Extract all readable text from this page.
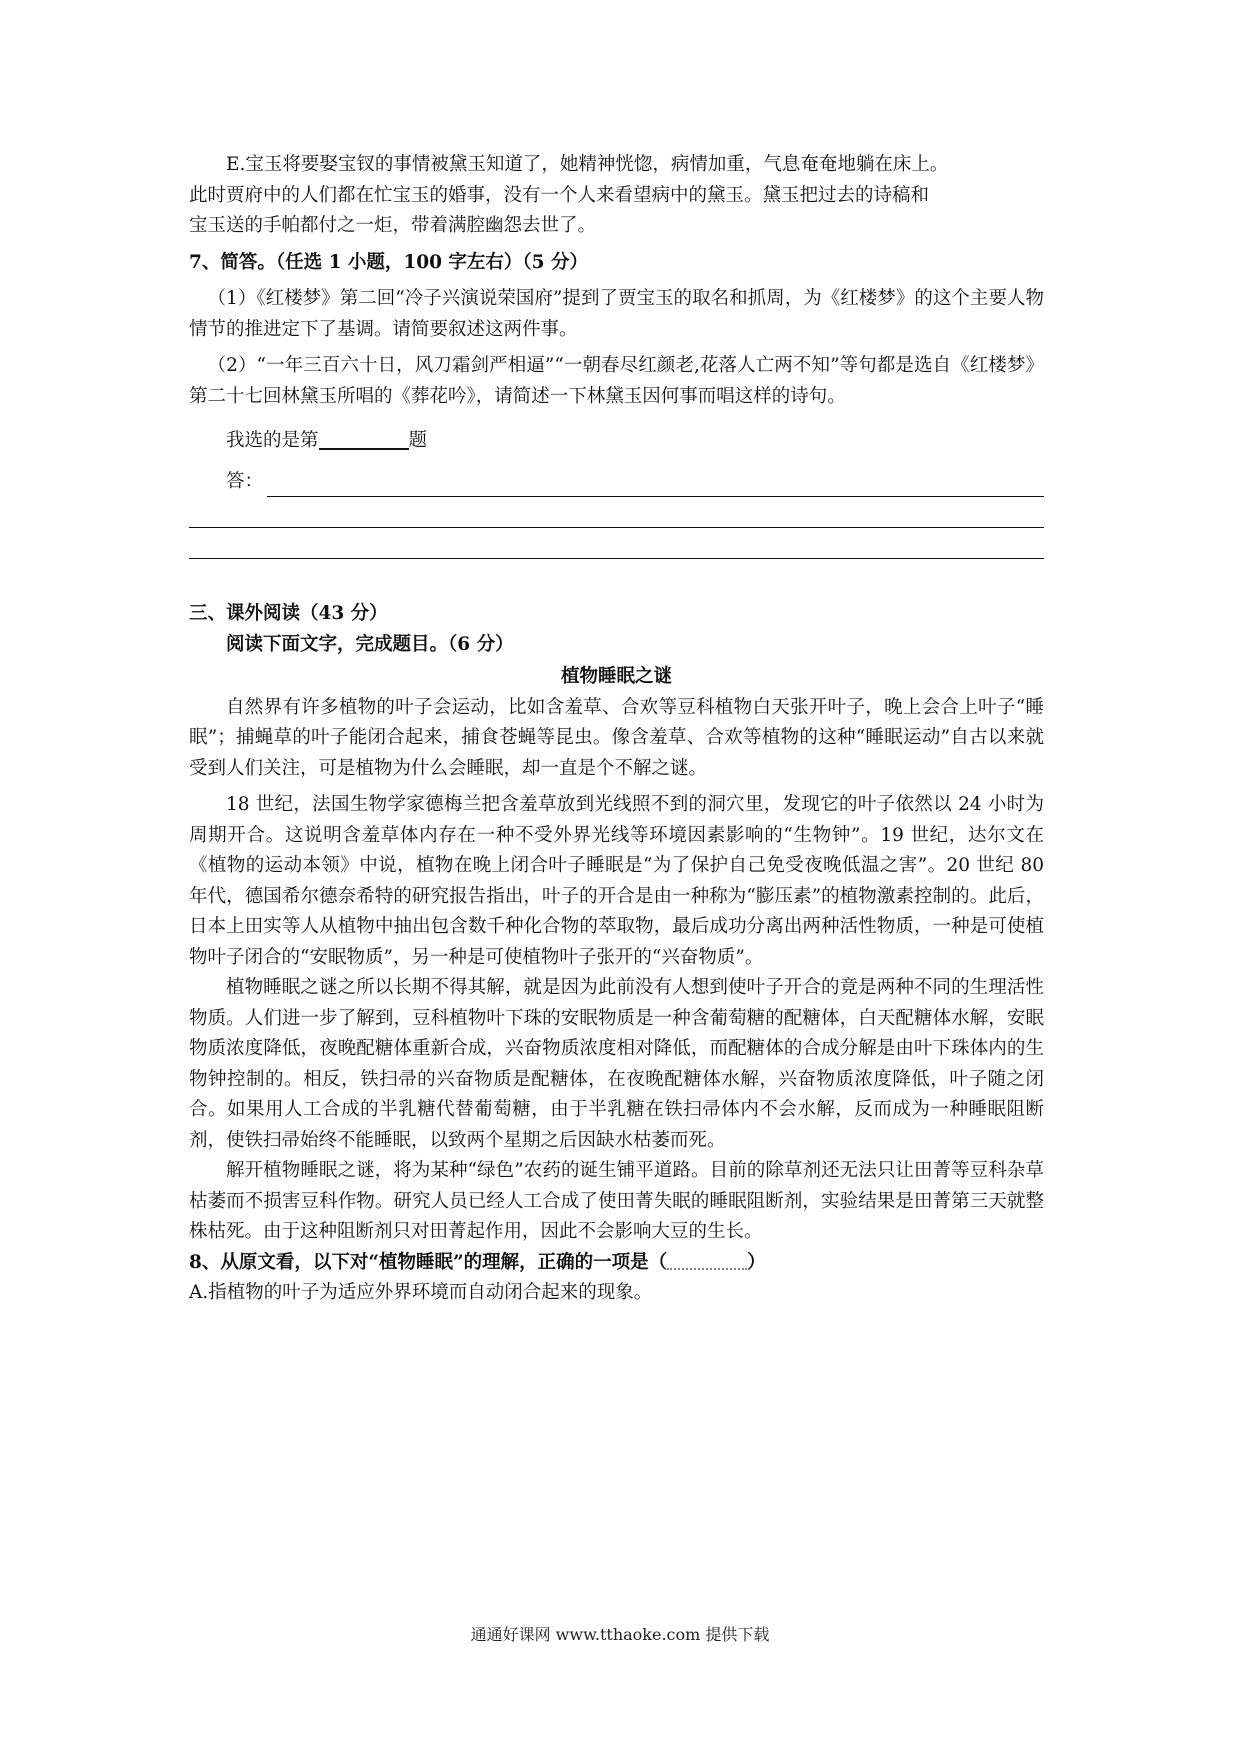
E.宝玉将要娶宝钗的事情被黛玉知道了，她精神恍惚，病情加重，气息奄奄地躺在床上。

此时贾府中的人们都在忙宝玉的婚事，没有一个人来看望病中的黛玉。黛玉把过去的诗稿和

宝玉送的手帕都付之一炬，带着满腔幽怨去世了。

7、简答。（任选 1 小题，100 字左右）（5 分）

（1）《红楼梦》第二回“冷子兴演说荣国府”提到了贾宝玉的取名和抓周，为《红楼梦》的这个主要人物情节的推进定下了基调。请简要叙述这两件事。

（2）“一年三百六十日，风刀霜剑严相逼”“一朝春尽红颜老,花落人亡两不知”等句都是选自《红楼梦》第二十七回林黛玉所唱的《葬花吟》，请简述一下林黛玉因何事而唱这样的诗句。

我选的是第	题

答：

三、课外阅读（43 分）

阅读下面文字，完成题目。（6 分）

植物睡眠之谜

自然界有许多植物的叶子会运动，比如含羞草、合欢等豆科植物白天张开叶子，晚上会合上叶子“睡眠”；捕蝇草的叶子能闭合起来，捕食苍蝇等昆虫。像含羞草、合欢等植物的这种“睡眠运动”自古以来就受到人们关注，可是植物为什么会睡眠，却一直是个不解之谜。

18 世纪，法国生物学家德梅兰把含羞草放到光线照不到的洞穴里，发现它的叶子依然以 24 小时为周期开合。这说明含羞草体内存在一种不受外界光线等环境因素影响的“生物钟”。19 世纪，达尔文在《植物的运动本领》中说，植物在晚上闭合叶子睡眠是“为了保护自己免受夜晚低温之害”。20 世纪 80 年代，德国希尔德奈希特的研究报告指出，叶子的开合是由一种称为“膨压素”的植物激素控制的。此后，日本上田实等人从植物中抽出包含数千种化合物的萃取物，最后成功分离出两种活性物质，一种是可使植物叶子闭合的“安眠物质”，另一种是可使植物叶子张开的“兴奋物质”。

植物睡眠之谜之所以长期不得其解，就是因为此前没有人想到使叶子开合的竟是两种不同的生理活性物质。人们进一步了解到，豆科植物叶下珠的安眠物质是一种含葡萄糖的配糖体，白天配糖体水解，安眠物质浓度降低，夜晚配糖体重新合成，兴奋物质浓度相对降低，而配糖体的合成分解是由叶下珠体内的生物钟控制的。相反，铁扫帚的兴奋物质是配糖体，在夜晚配糖体水解，兴奋物质浓度降低，叶子随之闭合。如果用人工合成的半乳糖代替葡萄糖，由于半乳糖在铁扫帚体内不会水解，反而成为一种睡眠阻断剂，使铁扫帚始终不能睡眠，以致两个星期之后因缺水枯萎而死。

解开植物睡眠之谜，将为某种“绿色”农药的诞生铺平道路。目前的除草剂还无法只让田菁等豆科杂草枯萎而不损害豆科作物。研究人员已经人工合成了使田菁失眠的睡眠阻断剂，实验结果是田菁第三天就整株枯死。由于这种阻断剂只对田菁起作用，因此不会影响大豆的生长。

8、从原文看，以下对“植物睡眠”的理解，正确的一项是（	）

A.指植物的叶子为适应外界环境而自动闭合起来的现象。

通通好课网 www.tthaoke.com 提供下载
